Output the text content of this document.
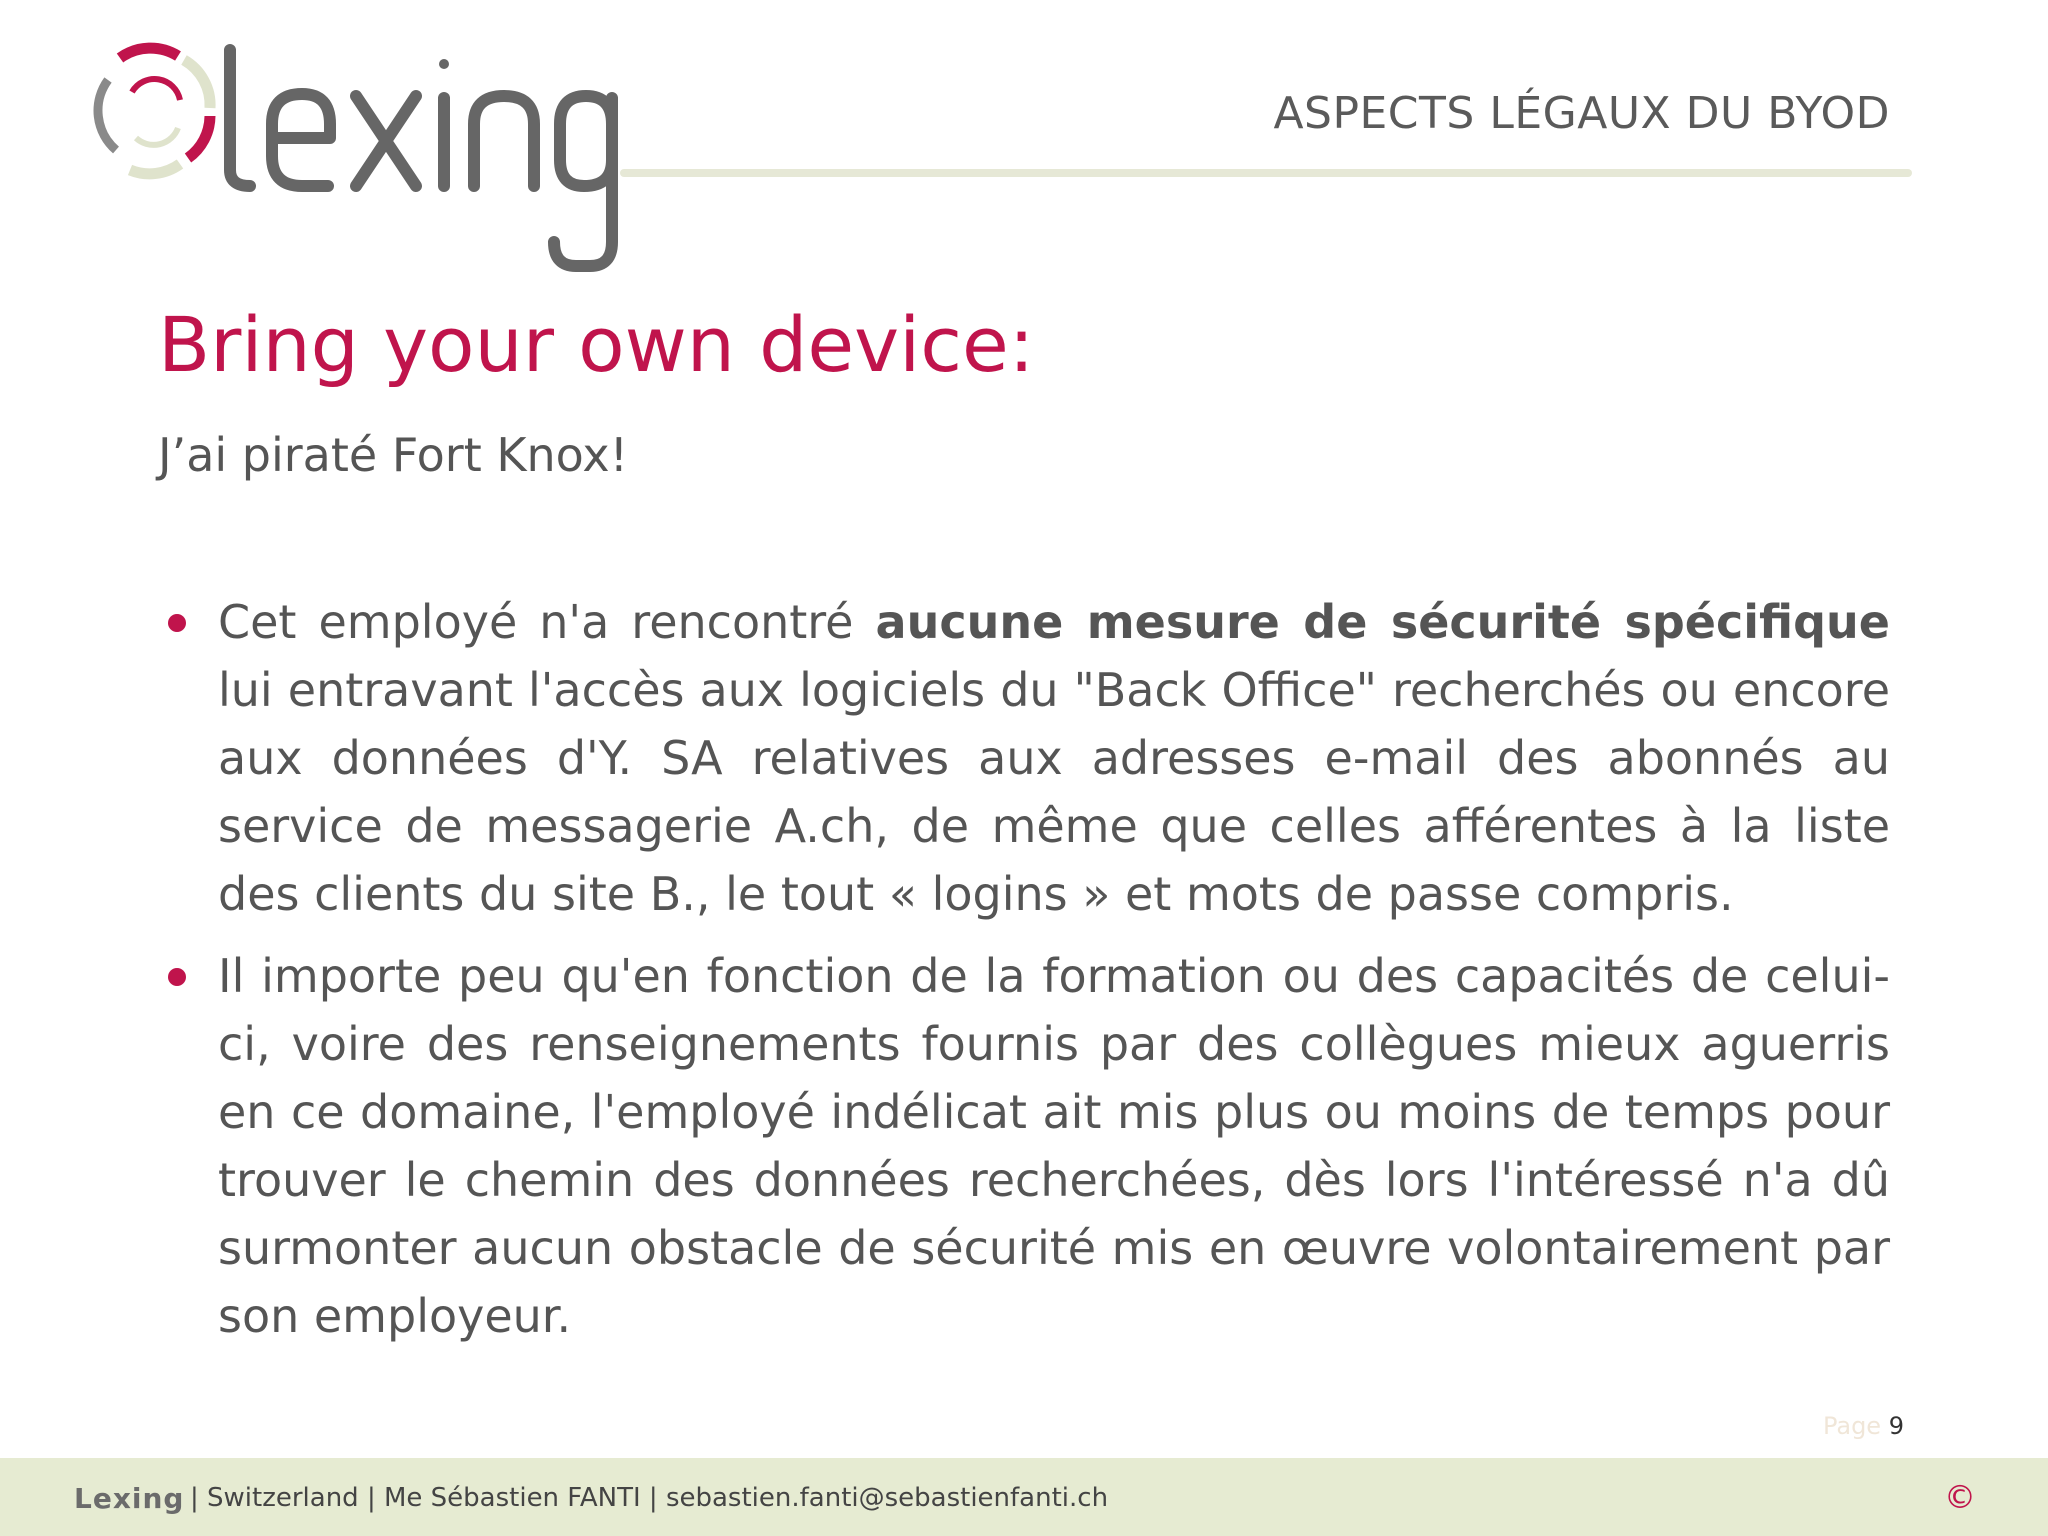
ASPECTS LÉGAUX DU BYOD
Bring your own device:
J’ai piraté Fort Knox!
Cet employé n'a rencontré aucune mesure de sécurité spécifique lui entravant l'accès aux logiciels du "Back Office" recherchés ou encore aux données d'Y. SA relatives aux adresses e-mail des abonnés au service de messagerie A.ch, de même que celles afférentes à la liste des clients du site B., le tout « logins » et mots de passe compris.
Il importe peu qu'en fonction de la formation ou des capacités de celui-ci, voire des renseignements fournis par des collègues mieux aguerris en ce domaine, l'employé indélicat ait mis plus ou moins de temps pour trouver le chemin des données recherchées, dès lors l'intéressé n'a dû surmonter aucun obstacle de sécurité mis en œuvre volontairement par son employeur.
Page 9
Lexing | Switzerland | Me Sébastien FANTI | sebastien.fanti@sebastienfanti.ch	©
